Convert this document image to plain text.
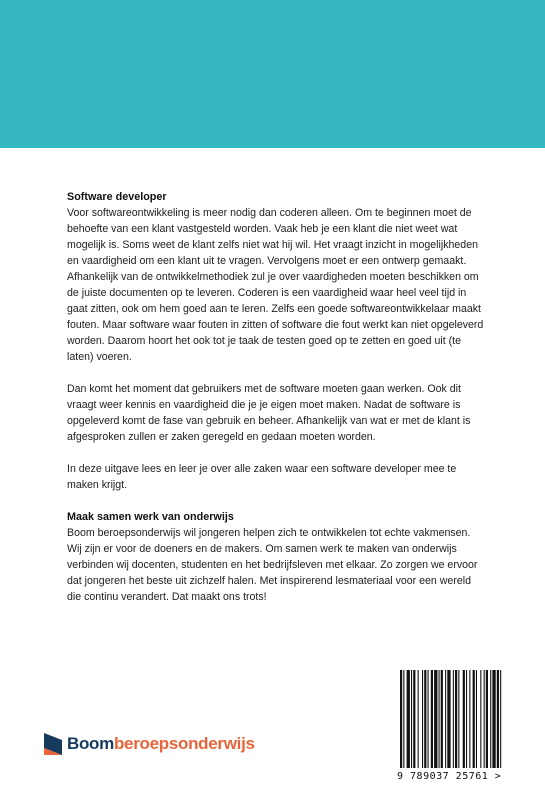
Software developer

Voor softwareontwikkeling is meer nodig dan coderen alleen. Om te beginnen moet de behoefte van een klant vastgesteld worden. Vaak heb je een klant die niet weet wat mogelijk is. Soms weet de klant zelfs niet wat hij wil. Het vraagt inzicht in mogelijkheden en vaardigheid om een klant uit te vragen. Vervolgens moet er een ontwerp gemaakt. Afhankelijk van de ontwikkelmethodiek zul je over vaardigheden moeten beschikken om de juiste documenten op te leveren. Coderen is een vaardigheid waar heel veel tijd in gaat zitten, ook om hem goed aan te leren. Zelfs een goede softwareontwikkelaar maakt fouten. Maar software waar fouten in zitten of software die fout werkt kan niet opgeleverd worden. Daarom hoort het ook tot je taak de testen goed op te zetten en goed uit (te laten) voeren.

Dan komt het moment dat gebruikers met de software moeten gaan werken. Ook dit vraagt weer kennis en vaardigheid die je je eigen moet maken. Nadat de software is opgeleverd komt de fase van gebruik en beheer. Afhankelijk van wat er met de klant is afgesproken zullen er zaken geregeld en gedaan moeten worden.

In deze uitgave lees en leer je over alle zaken waar een software developer mee te maken krijgt.

Maak samen werk van onderwijs

Boom beroepsonderwijs wil jongeren helpen zich te ontwikkelen tot echte vakmensen. Wij zijn er voor de doeners en de makers. Om samen werk te maken van onderwijs verbinden wij docenten, studenten en het bedrijfsleven met elkaar. Zo zorgen we ervoor dat jongeren het beste uit zichzelf halen. Met inspirerend lesmateriaal voor een wereld die continu verandert. Dat maakt ons trots!

Boom beroepsonderwijs
9 789037 25761 >
